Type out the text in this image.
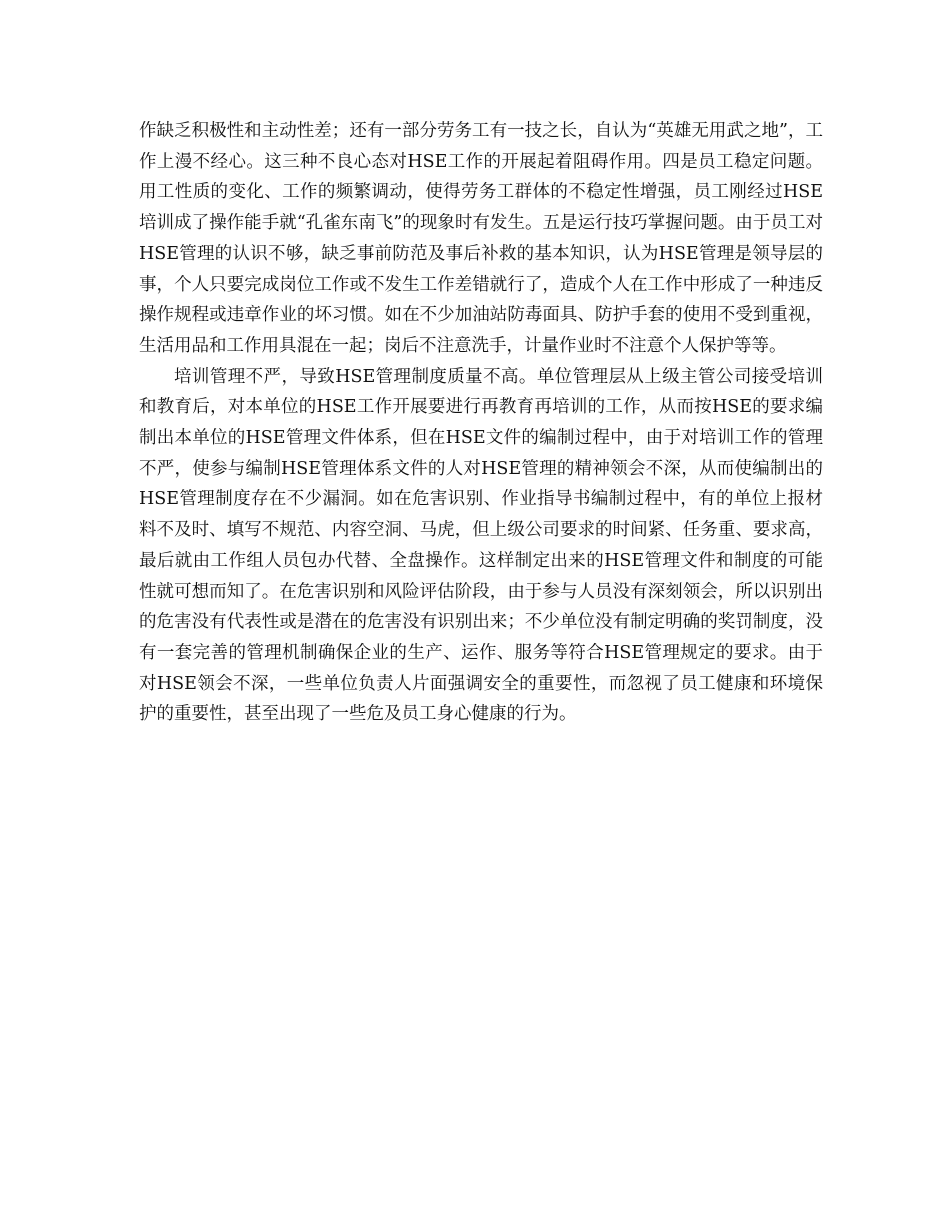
作缺乏积极性和主动性差；还有一部分劳务工有一技之长，自认为“英雄无用武之地”，工作上漫不经心。这三种不良心态对HSE工作的开展起着阻碍作用。四是员工稳定问题。用工性质的变化、工作的频繁调动，使得劳务工群体的不稳定性增强，员工刚经过HSE培训成了操作能手就“孔雀东南飞”的现象时有发生。五是运行技巧掌握问题。由于员工对HSE管理的认识不够，缺乏事前防范及事后补救的基本知识，认为HSE管理是领导层的事，个人只要完成岗位工作或不发生工作差错就行了，造成个人在工作中形成了一种违反操作规程或违章作业的坏习惯。如在不少加油站防毒面具、防护手套的使用不受到重视，生活用品和工作用具混在一起；岗后不注意洗手，计量作业时不注意个人保护等等。

培训管理不严，导致HSE管理制度质量不高。单位管理层从上级主管公司接受培训和教育后，对本单位的HSE工作开展要进行再教育再培训的工作，从而按HSE的要求编制出本单位的HSE管理文件体系，但在HSE文件的编制过程中，由于对培训工作的管理不严，使参与编制HSE管理体系文件的人对HSE管理的精神领会不深，从而使编制出的HSE管理制度存在不少漏洞。如在危害识别、作业指导书编制过程中，有的单位上报材料不及时、填写不规范、内容空洞、马虎，但上级公司要求的时间紧、任务重、要求高，最后就由工作组人员包办代替、全盘操作。这样制定出来的HSE管理文件和制度的可能性就可想而知了。在危害识别和风险评估阶段，由于参与人员没有深刻领会，所以识别出的危害没有代表性或是潜在的危害没有识别出来；不少单位没有制定明确的奖罚制度，没有一套完善的管理机制确保企业的生产、运作、服务等符合HSE管理规定的要求。由于对HSE领会不深，一些单位负责人片面强调安全的重要性，而忽视了员工健康和环境保护的重要性，甚至出现了一些危及员工身心健康的行为。
